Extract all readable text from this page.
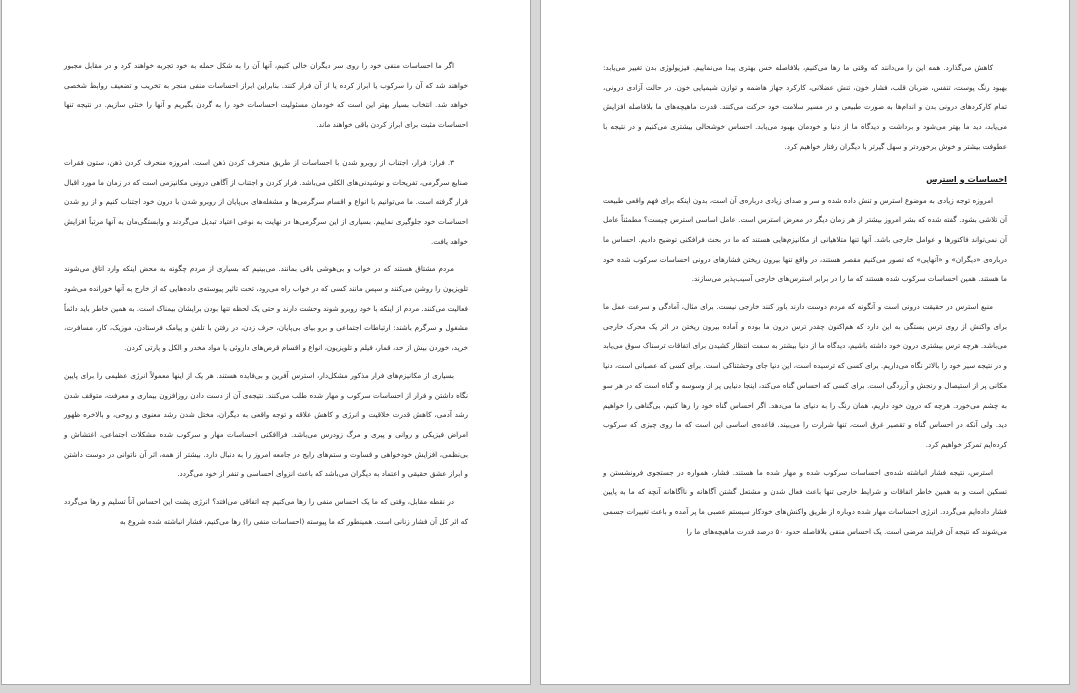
اگر ما احساسات منفی خود را روی سر دیگران خالی کنیم، آنها آن را به شکل حمله به خود تجربه خواهند کرد و در مقابل مجبور خواهند شد که آن را سرکوب یا ابراز کرده یا از آن فرار کنند. بنابراین ابراز احساسات منفی منجر به تخریب و تضعیف روابط شخصی خواهد شد. انتخاب بسیار بهتر این است که خودمان مسئولیت احساسات خود را به گردن بگیریم و آنها را خنثی سازیم. در نتیجه تنها احساسات مثبت برای ابراز کردن باقی خواهند ماند.

۳. فرار: فرار، اجتناب از روبرو شدن با احساسات از طریق منحرف کردن ذهن است. امروزه منحرف کردن ذهن، ستون فقرات صنایع سرگرمی، تفریحات و نوشیدنی‌های الکلی می‌باشد. فرار کردن و اجتناب از آگاهی درونی مکانیزمی است که در زمان ما مورد اقبال قرار گرفته است. ما می‌توانیم با انواع و اقسام سرگرمی‌ها و مشغله‌های بی‌پایان از روبرو شدن با درون خود اجتناب کنیم و از رو شدن احساسات خود جلوگیری نماییم. بسیاری از این سرگرمی‌ها در نهایت به نوعی اعتیاد تبدیل می‌گردند و وابستگی‌مان به آنها مرتباً افزایش خواهد یافت.

مردم مشتاق هستند که در خواب و بی‌هوشی باقی بمانند. می‌بینیم که بسیاری از مردم چگونه به محض اینکه وارد اتاق می‌شوند تلویزیون را روشن می‌کنند و سپس مانند کسی که در خواب راه می‌رود، تحت تاثیر پیوسته‌ی داده‌هایی که از خارج به آنها خورانده می‌شود فعالیت می‌کنند. مردم از اینکه با خود روبرو شوند وحشت دارند و حتی یک لحظه تنها بودن برایشان بیمناک است. به همین خاطر باید دائماً مشغول و سرگرم باشند: ارتباطات اجتماعی و برو بیای بی‌پایان، حرف زدن، در رفتن با تلفن و پیامک فرستادن، موزیک، کار، مسافرت، خرید، خوردن بیش از حد، قمار، فیلم و تلویزیون، انواع و اقسام قرص‌های داروئی یا مواد مخدر و الکل و پارتی کردن.

بسیاری از مکانیزم‌های فرار مذکور مشکل‌دار، استرس آفرین و بی‌فایده هستند. هر یک از اینها معمولاً انرژی عظیمی را برای پایین نگاه داشتن و فرار از احساسات سرکوب و مهار شده طلب می‌کنند. نتیجه‌ی آن از دست دادن روزافزون بیماری و معرفت، متوقف شدن رشد آدمی، کاهش قدرت خلاقیت و انرژی و کاهش علاقه و توجه واقعی به دیگران، مختل شدن رشد معنوی و روحی، و بالاخره ظهور امراض فیزیکی و روانی و پیری و مرگ زودرس می‌باشد. فراافکنی احساسات مهار و سرکوب شده مشکلات اجتماعی، اغتشاش و بی‌نظمی، افزایش خودخواهی و قساوت و ستم‌های رایج در جامعه امروز را به دنبال دارد. بیشتر از همه، اثر آن ناتوانی در دوست داشتن و ابراز عشق حقیقی و اعتماد به دیگران می‌باشد که باعث انزوای احساسی و تنفر از خود می‌گردد.

در نقطه مقابل، وقتی که ما یک احساس منفی را رها می‌کنیم چه اتفاقی می‌افتد؟ انرژی پشت این احساس آناً تسلیم و رها می‌گردد که اثر کل آن فشار زنانی است. همینطور که ما پیوسته (احساسات منفی را) رها می‌کنیم، فشار انباشته شده شروع به

کاهش می‌گذارد. همه این را می‌دانند که وقتی ما رها می‌کنیم، بلافاصله حس بهتری پیدا می‌نماییم. فیزیولوژی بدن تغییر می‌یابد: بهبود رنگ پوست، تنفس، ضربان قلب، فشار خون، تنش عضلانی، کارکرد جهاز هاضمه و توازن شیمیایی خون. در حالت آزادی درونی، تمام کارکردهای درونی بدن و اندام‌ها به صورت طبیعی و در مسیر سلامت خود حرکت می‌کنند. قدرت ماهیچه‌های ما بلافاصله افزایش می‌یابد، دید ما بهتر می‌شود و برداشت و دیدگاه ما از دنیا و خودمان بهبود می‌یابد. احساس خوشحالی بیشتری می‌کنیم و در نتیجه با عطوفت بیشتر و خوش برخوردتر و سهل گیرتر با دیگران رفتار خواهیم کرد.

احساسات و استرس

امروزه توجه زیادی به موضوع استرس و تنش داده شده و سر و صدای زیادی درباره‌ی آن است، بدون اینکه برای فهم واقعی طبیعت آن تلاشی بشود. گفته شده که بشر امروز بیشتر از هر زمان دیگر در معرض استرس است. عامل اساسی استرس چیست؟ مطمئناً عامل آن نمی‌تواند فاکتورها و عوامل خارجی باشد. آنها تنها متلاهیانی از مکانیزم‌هایی هستند که ما در بحث فرافکنی توضیح دادیم. احساس ما درباره‌ی «دیگران» و «آنهایی» که تصور می‌کنیم مقصر هستند، در واقع تنها بیرون ریختن فشارهای درونی احساسات سرکوب شده خود ما هستند. همین احساسات سرکوب شده هستند که ما را در برابر استرس‌های خارجی آسیب‌پذیر می‌سازند.

منبع استرس در حقیقت درونی است و آنگونه که مردم دوست دارند باور کنند خارجی نیست. برای مثال، آمادگی و سرعت عمل ما برای واکنش از روی ترس بستگی به این دارد که هم‌اکنون چقدر ترس درون ما بوده و آماده بیرون ریختن در اثر یک محرک خارجی می‌باشد. هرچه ترس بیشتری درون خود داشته باشیم، دیدگاه ما از دنیا بیشتر به سمت انتظار کشیدن برای اتفاقات ترسناک سوق می‌یابد و در نتیجه سیر خود را بالاتر نگاه می‌داریم. برای کسی که ترسیده است، این دنیا جای وحشتناکی است. برای کسی که عصبانی است، دنیا مکانی پر از استیصال و رنجش و آزردگی است. برای کسی که احساس گناه می‌کند، اینجا دنیایی پر از وسوسه و گناه است که در هر سو به چشم می‌خورد. هرچه که درون خود داریم، همان رنگ را به دنیای ما می‌دهد. اگر احساس گناه خود را رها کنیم، بی‌گناهی را خواهیم دید. ولی آنکه در احساس گناه و تقصیر غرق است، تنها شرارت را می‌بیند. قاعده‌ی اساسی این است که ما روی چیزی که سرکوب کرده‌ایم تمرکز خواهیم کرد.

استرس، نتیجه فشار انباشته شده‌ی احساسات سرکوب شده و مهار شده ما هستند. فشار، همواره در جستجوی فرونشستن و تسکین است و به همین خاطر اتفاقات و شرایط خارجی تنها باعث فعال شدن و مشتعل گشتن آگاهانه و ناآگاهانه آنچه که ما به پایین فشار داده‌ایم می‌گردد. انرژی احساسات مهار شده دوباره از طریق واکنش‌های خودکار سیستم عصبی ما پر آمده و باعث تغییرات جسمی می‌شوند که نتیجه آن فرایند مرضی است. یک احساس منفی بلافاصله حدود ۵۰ درصد قدرت ماهیچه‌های ما را
